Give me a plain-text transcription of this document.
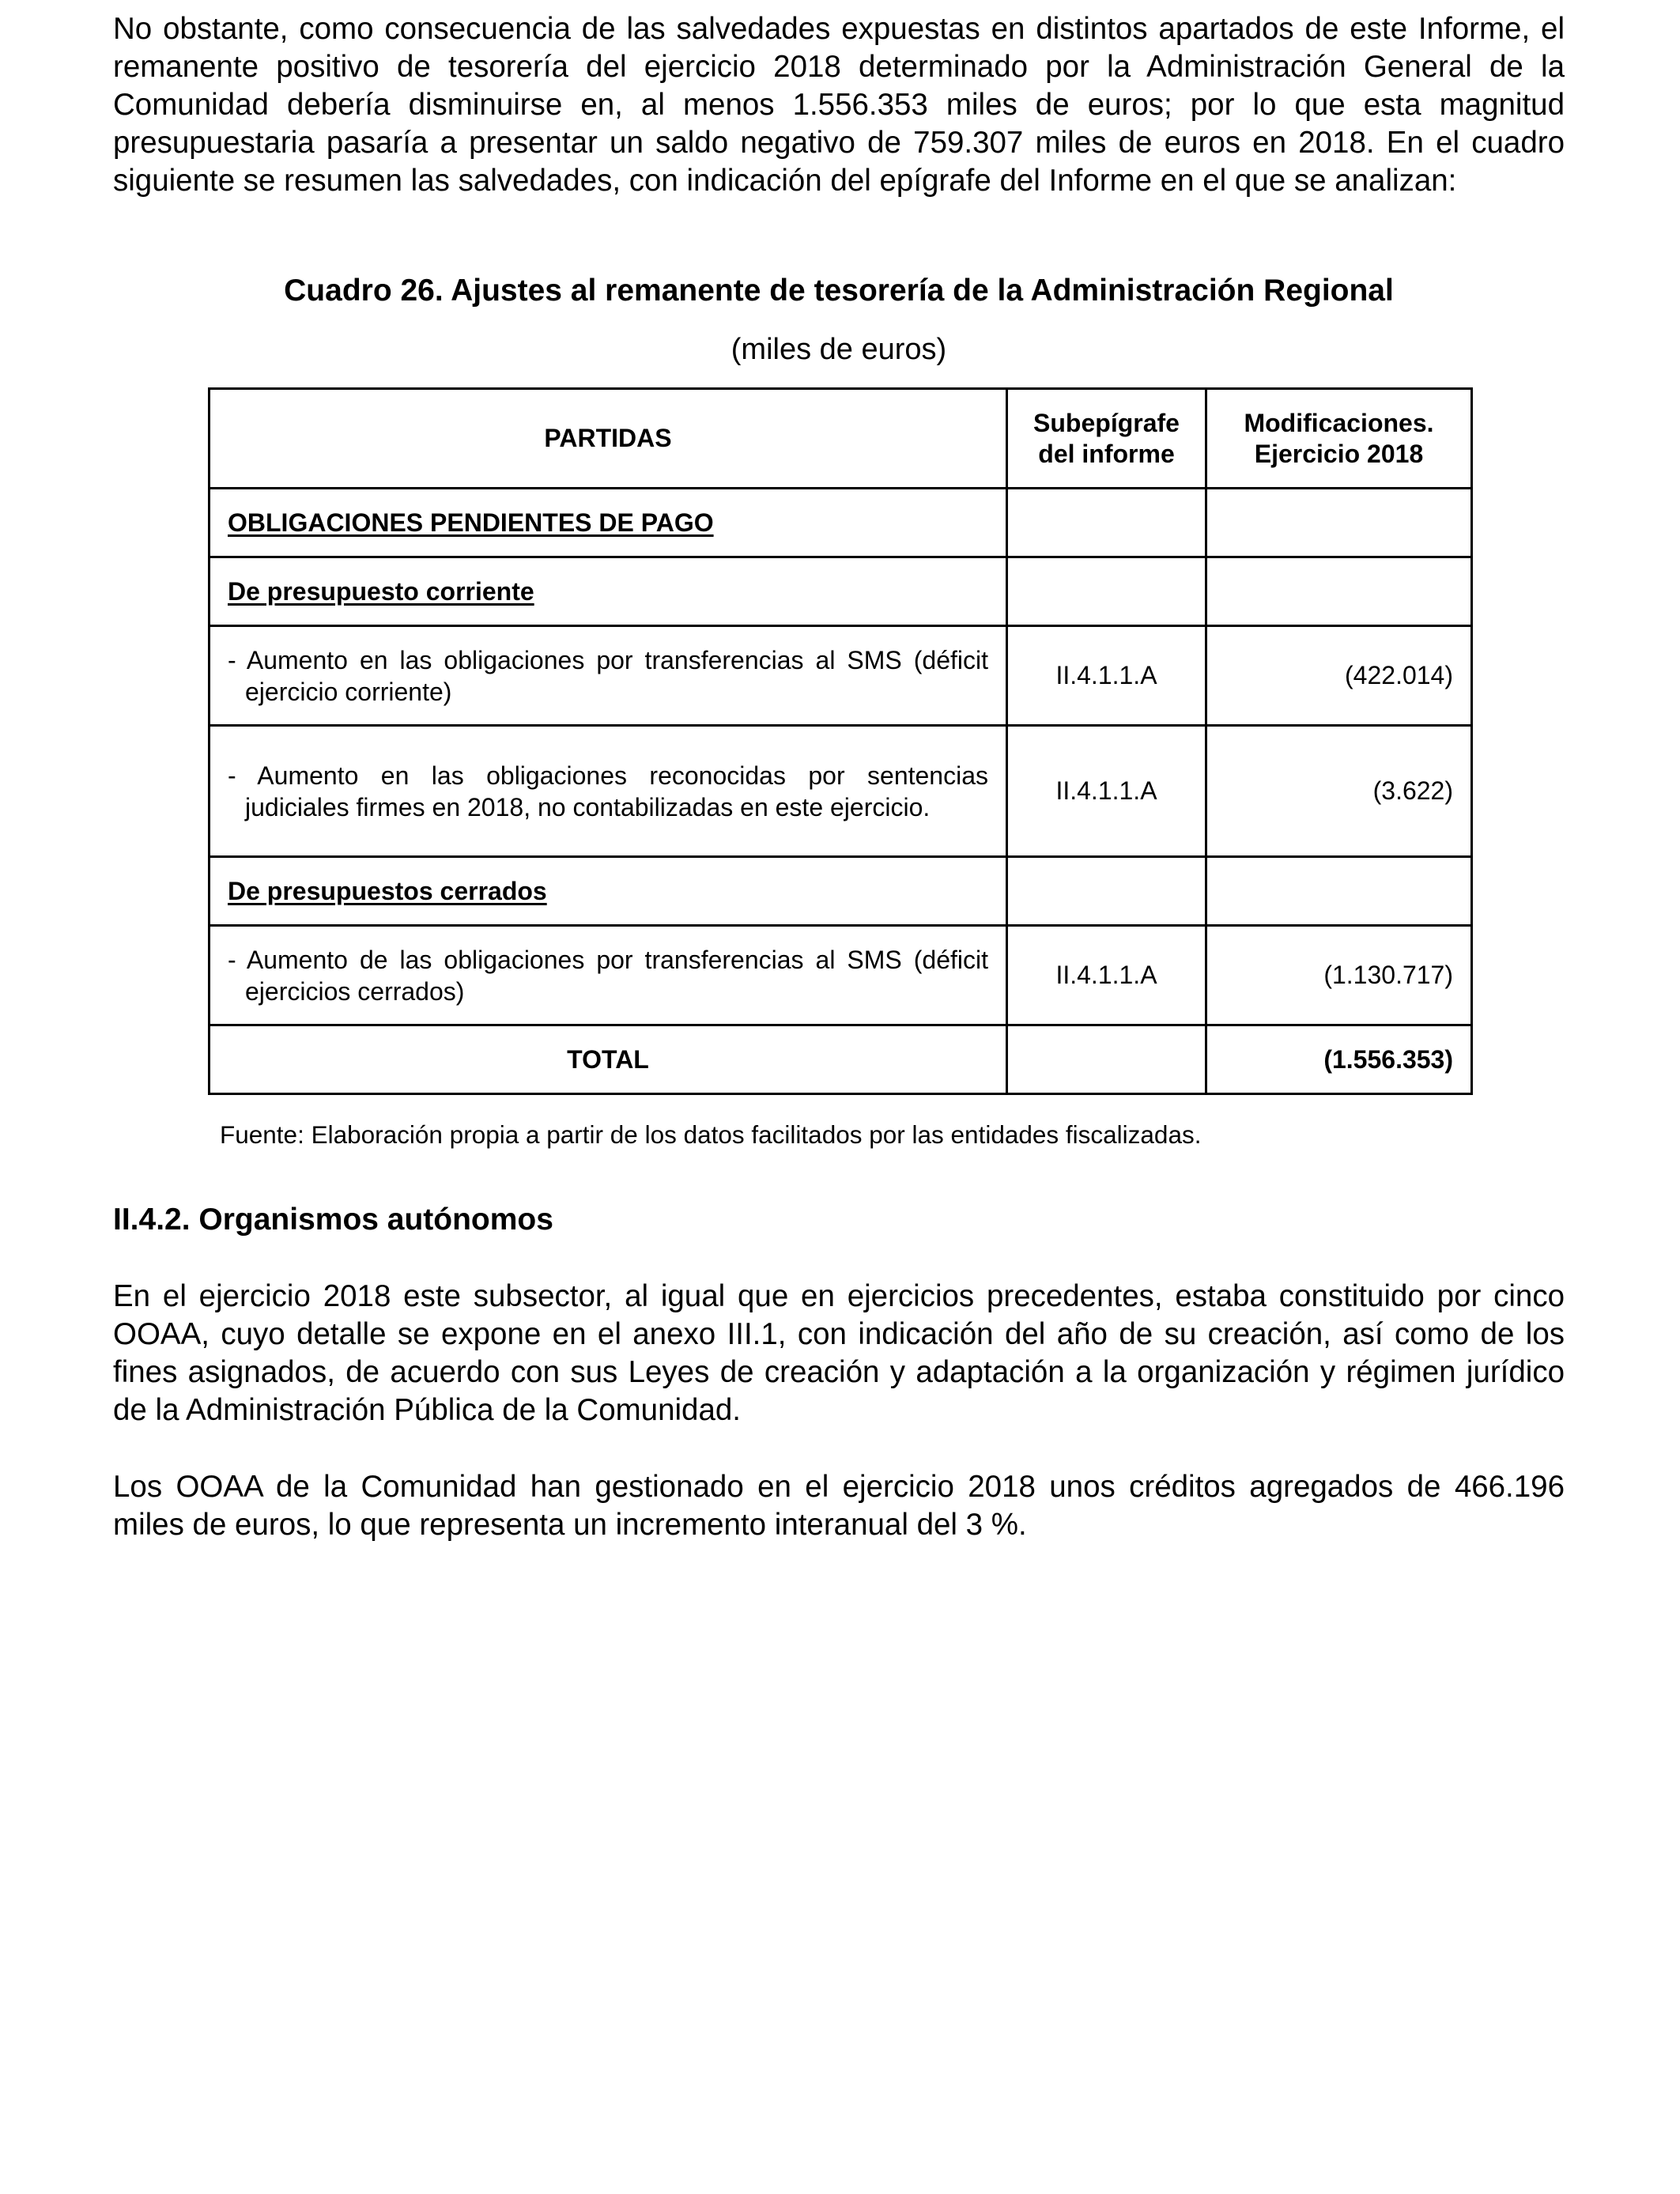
No obstante, como consecuencia de las salvedades expuestas en distintos apartados de este Informe, el remanente positivo de tesorería del ejercicio 2018 determinado por la Administración General de la Comunidad debería disminuirse en, al menos 1.556.353 miles de euros; por lo que esta magnitud presupuestaria pasaría a presentar un saldo negativo de 759.307 miles de euros en 2018. En el cuadro siguiente se resumen las salvedades, con indicación del epígrafe del Informe en el que se analizan:

Cuadro 26. Ajustes al remanente de tesorería de la Administración Regional

(miles de euros)

PARTIDAS	Subepígrafe del informe	Modificaciones. Ejercicio 2018
OBLIGACIONES PENDIENTES DE PAGO		
De presupuesto corriente		

- Aumento en las obligaciones por transferencias al SMS (déficit ejercicio corriente)	II.4.1.1.A	(422.014)

- Aumento en las obligaciones reconocidas por sentencias judiciales firmes en 2018, no contabilizadas en este ejercicio.	II.4.1.1.A	(3.622)
De presupuestos cerrados		

- Aumento de las obligaciones por transferencias al SMS (déficit ejercicios cerrados)	II.4.1.1.A	(1.130.717)
TOTAL		(1.556.353)

Fuente: Elaboración propia a partir de los datos facilitados por las entidades fiscalizadas.

II.4.2. Organismos autónomos

En el ejercicio 2018 este subsector, al igual que en ejercicios precedentes, estaba constituido por cinco OOAA, cuyo detalle se expone en el anexo III.1, con indicación del año de su creación, así como de los fines asignados, de acuerdo con sus Leyes de creación y adaptación a la organización y régimen jurídico de la Administración Pública de la Comunidad.

Los OOAA de la Comunidad han gestionado en el ejercicio 2018 unos créditos agregados de 466.196 miles de euros, lo que representa un incremento interanual del 3 %.
